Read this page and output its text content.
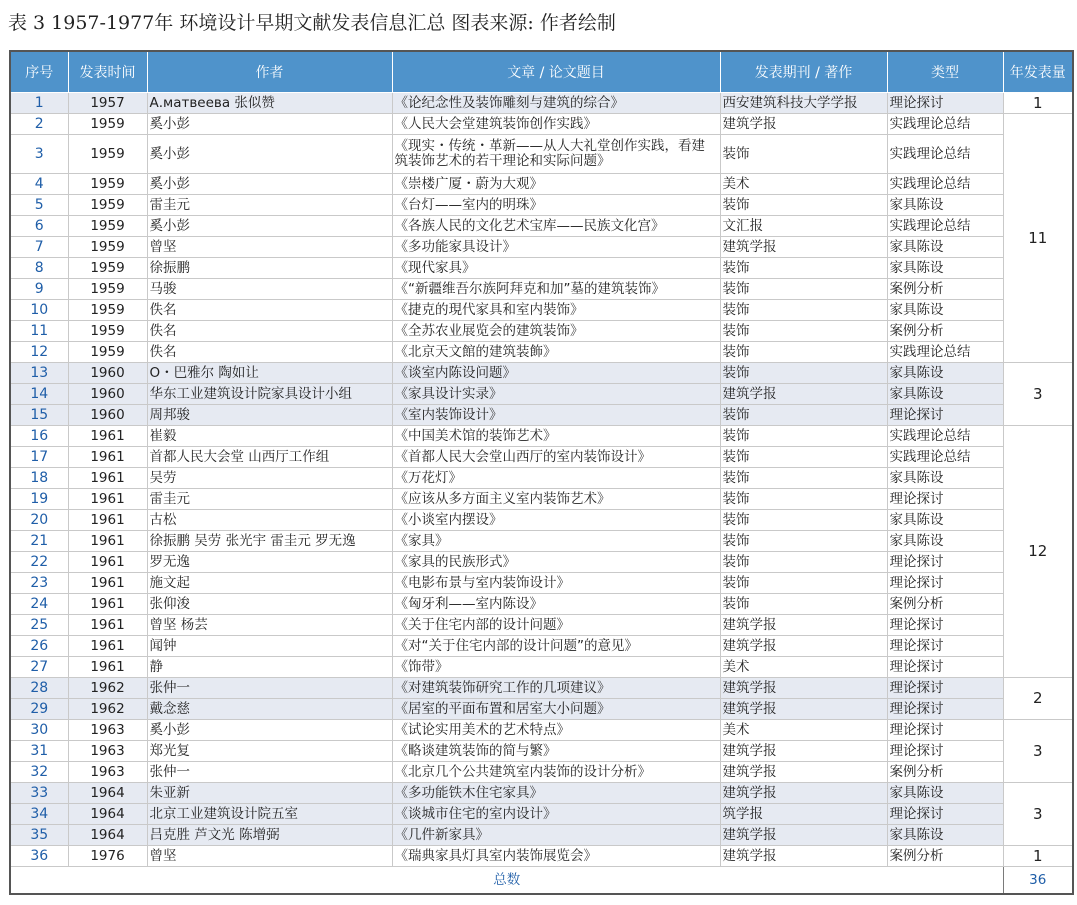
表 3 1957-1977年 环境设计早期文献发表信息汇总 图表来源: 作者绘制
序号	发表时间	作者	文章 / 论文题目	发表期刊 / 著作	类型	年发表量
1	1957	А.матвеева 张似赞	《论纪念性及装饰雕刻与建筑的综合》	西安建筑科技大学学报	理论探讨	1
2	1959	奚小彭	《人民大会堂建筑装饰创作实践》	建筑学报	实践理论总结	11
3	1959	奚小彭	《现实・传统・革新——从人大礼堂创作实践，看建筑装饰艺术的若干理论和实际问题》	装饰	实践理论总结	
4	1959	奚小彭	《崇楼广厦・蔚为大观》	美术	实践理论总结	
5	1959	雷圭元	《台灯——室内的明珠》	装饰	家具陈设	
6	1959	奚小彭	《各族人民的文化艺术宝库——民族文化宫》	文汇报	实践理论总结	
7	1959	曾坚	《多功能家具设计》	建筑学报	家具陈设	
8	1959	徐振鹏	《现代家具》	装饰	家具陈设	
9	1959	马骏	《“新疆维吾尔族阿拜克和加”墓的建筑装饰》	装饰	案例分析	
10	1959	佚名	《捷克的現代家具和室内裝饰》	装饰	家具陈设	
11	1959	佚名	《全苏农业展览会的建筑装饰》	装饰	案例分析	
12	1959	佚名	《北京天文館的建筑装飾》	装饰	实践理论总结	
13	1960	О・巴雅尔 陶如让	《谈室内陈设问题》	装饰	家具陈设	3
14	1960	华东工业建筑设计院家具设计小组	《家具设计实录》	建筑学报	家具陈设	
15	1960	周邦骏	《室内装饰设计》	装饰	理论探讨	
16	1961	崔毅	《中国美术馆的装饰艺术》	装饰	实践理论总结	12
17	1961	首都人民大会堂 山西厅工作组	《首都人民大会堂山西厅的室内装饰设计》	装饰	实践理论总结	
18	1961	吴劳	《万花灯》	装饰	家具陈设	
19	1961	雷圭元	《应该从多方面主义室内装饰艺术》	装饰	理论探讨	
20	1961	古松	《小谈室内摆设》	装饰	家具陈设	
21	1961	徐振鹏 吴劳 张光宇 雷圭元 罗无逸	《家具》	装饰	家具陈设	
22	1961	罗无逸	《家具的民族形式》	装饰	理论探讨	
23	1961	施文起	《电影布景与室内装饰设计》	装饰	理论探讨	
24	1961	张仰浚	《匈牙利——室内陈设》	装饰	案例分析	
25	1961	曾坚 杨芸	《关于住宅内部的设计问题》	建筑学报	理论探讨	
26	1961	闻钟	《对“关于住宅内部的设计问题”的意见》	建筑学报	理论探讨	
27	1961	静	《饰带》	美术	理论探讨	
28	1962	张仲一	《对建筑装饰研究工作的几项建议》	建筑学报	理论探讨	2
29	1962	戴念慈	《居室的平面布置和居室大小问题》	建筑学报	理论探讨	
30	1963	奚小彭	《试论实用美术的艺术特点》	美术	理论探讨	3
31	1963	郑光复	《略谈建筑装饰的简与繁》	建筑学报	理论探讨	
32	1963	张仲一	《北京几个公共建筑室内装饰的设计分析》	建筑学报	案例分析	
33	1964	朱亚新	《多功能铁木住宅家具》	建筑学报	家具陈设	3
34	1964	北京工业建筑设计院五室	《谈城市住宅的室内设计》	筑学报	理论探讨	
35	1964	吕克胜 芦文光 陈增弼	《几件新家具》	建筑学报	家具陈设	
36	1976	曾坚	《瑞典家具灯具室内装饰展览会》	建筑学报	案例分析	1
总数						36
